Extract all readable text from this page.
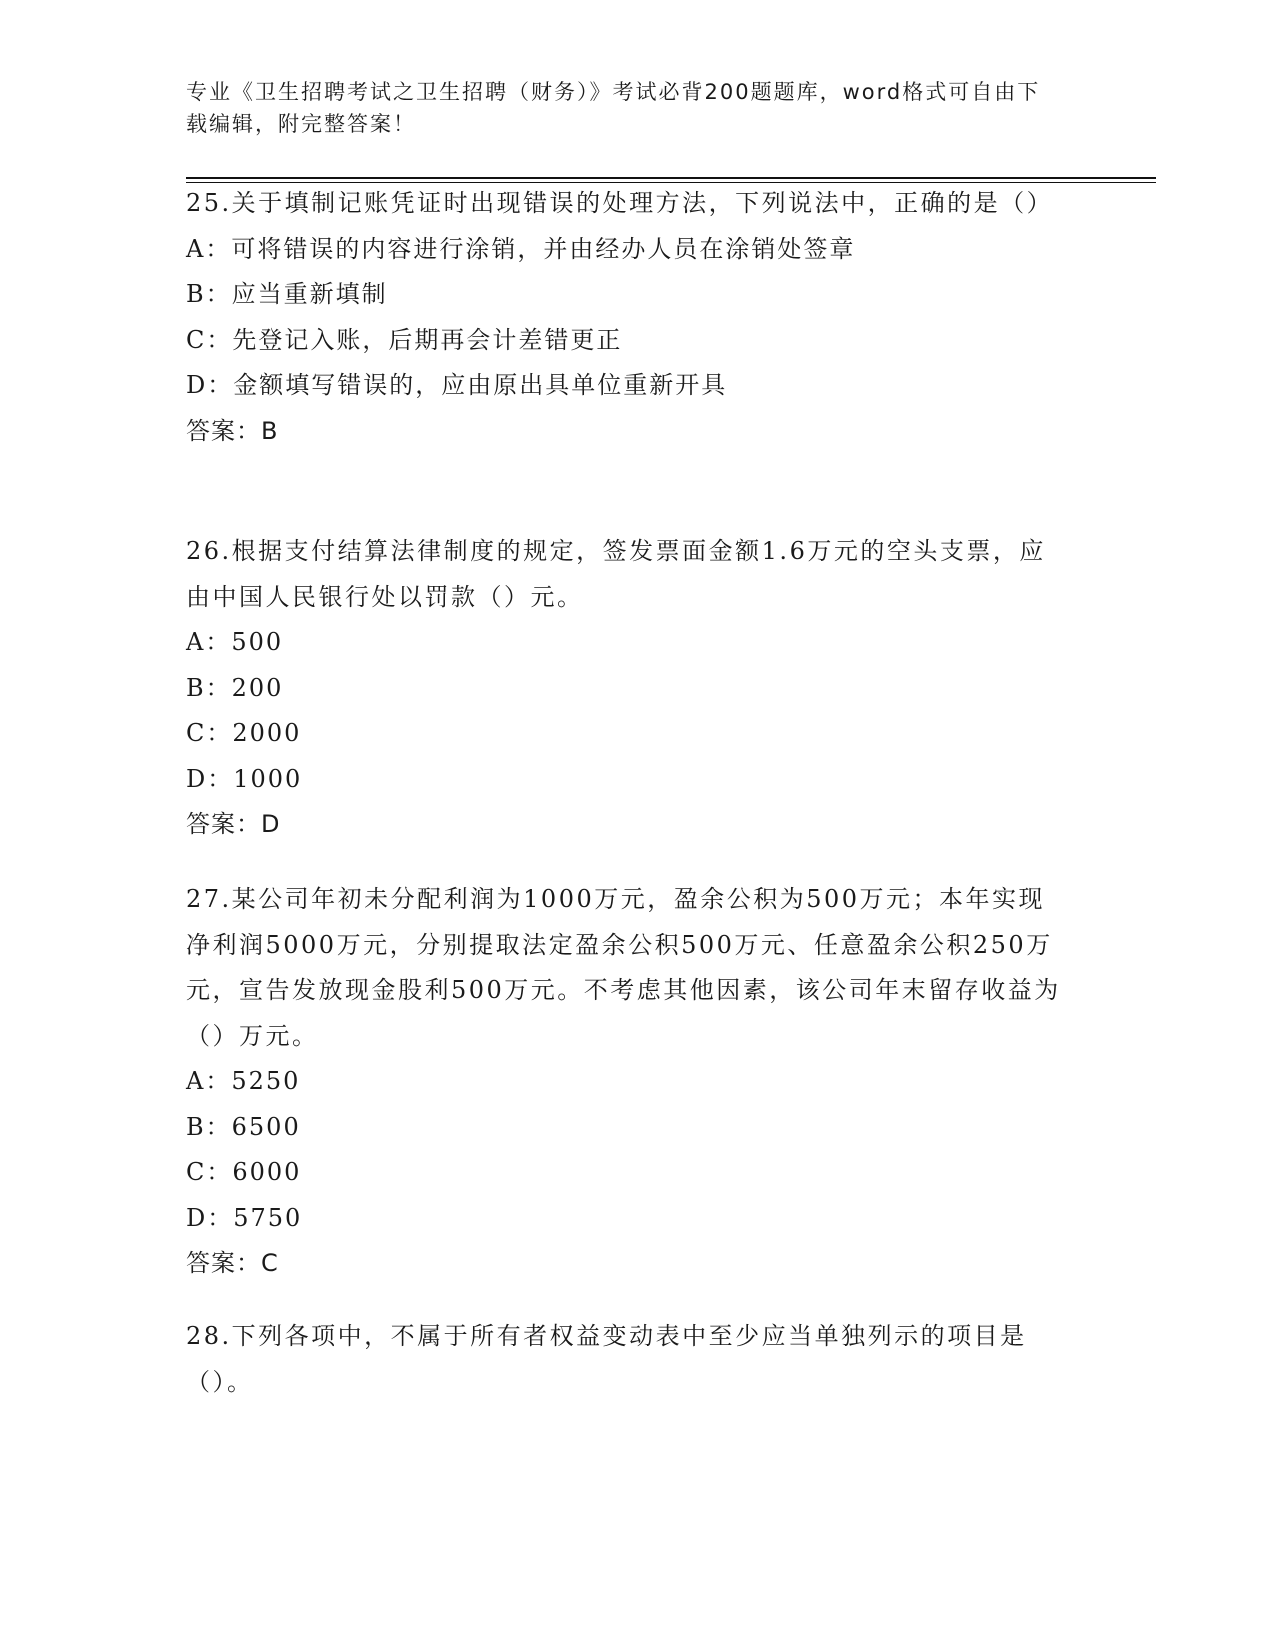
专业《卫生招聘考试之卫生招聘（财务）》考试必背200题题库，word格式可自由下载编辑，附完整答案！

25.关于填制记账凭证时出现错误的处理方法，下列说法中，正确的是（）

A：可将错误的内容进行涂销，并由经办人员在涂销处签章

B：应当重新填制

C：先登记入账，后期再会计差错更正

D：金额填写错误的，应由原出具单位重新开具

答案：B

26.根据支付结算法律制度的规定，签发票面金额1.6万元的空头支票，应由中国人民银行处以罚款（）元。

A：500

B：200

C：2000

D：1000

答案：D

27.某公司年初未分配利润为1000万元，盈余公积为500万元；本年实现净利润5000万元，分别提取法定盈余公积500万元、任意盈余公积250万元，宣告发放现金股利500万元。不考虑其他因素，该公司年末留存收益为（）万元。

A：5250

B：6500

C：6000

D：5750

答案：C

28.下列各项中，不属于所有者权益变动表中至少应当单独列示的项目是（）。
